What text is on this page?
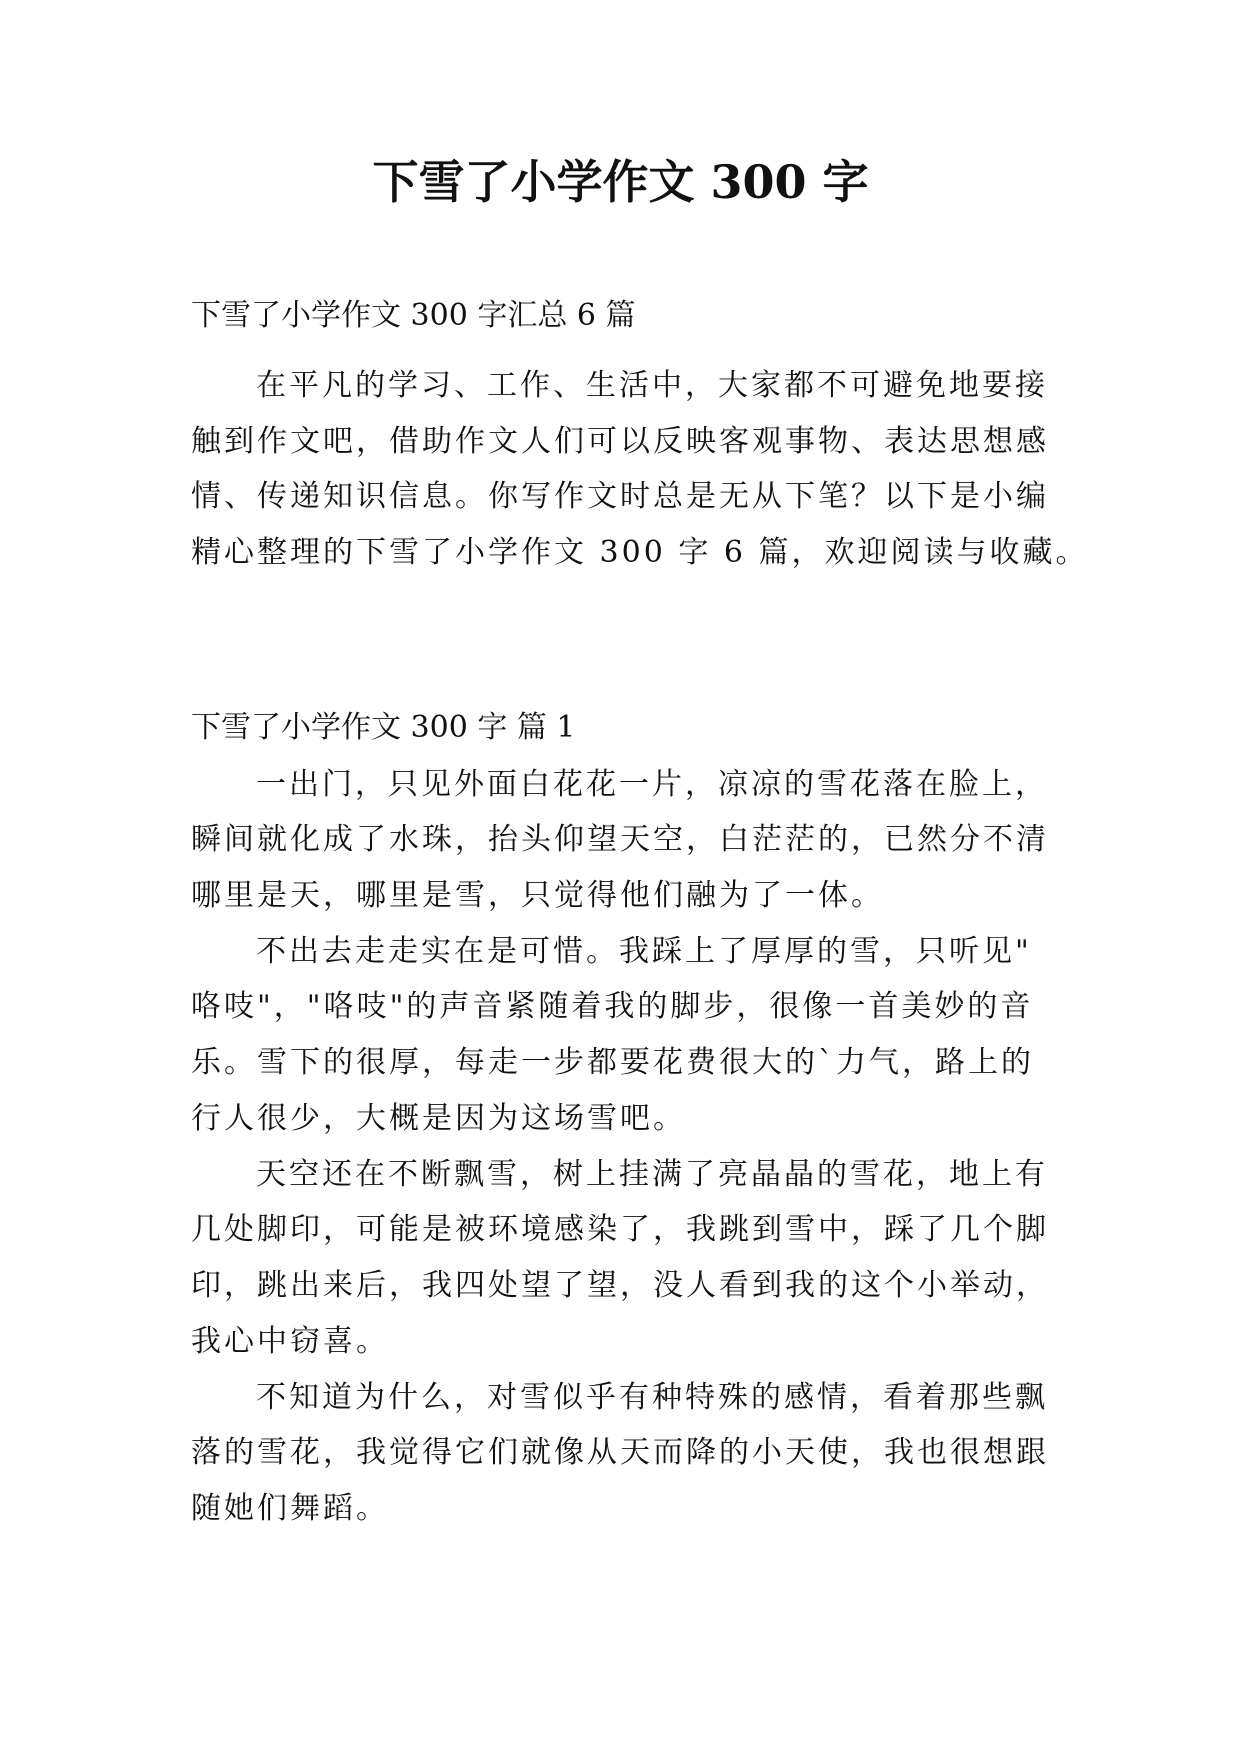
下雪了小学作文 300 字
下雪了小学作文 300 字汇总 6 篇
在平凡的学习、工作、生活中，大家都不可避免地要接
触到作文吧，借助作文人们可以反映客观事物、表达思想感
情、传递知识信息。你写作文时总是无从下笔？以下是小编
精心整理的下雪了小学作文 300 字 6 篇，欢迎阅读与收藏。
下雪了小学作文 300 字 篇 1
一出门，只见外面白花花一片，凉凉的雪花落在脸上，
瞬间就化成了水珠，抬头仰望天空，白茫茫的，已然分不清
哪里是天，哪里是雪，只觉得他们融为了一体。
不出去走走实在是可惜。我踩上了厚厚的雪，只听见"
咯吱"，"咯吱"的声音紧随着我的脚步，很像一首美妙的音
乐。雪下的很厚，每走一步都要花费很大的`力气，路上的
行人很少，大概是因为这场雪吧。
天空还在不断飘雪，树上挂满了亮晶晶的雪花，地上有
几处脚印，可能是被环境感染了，我跳到雪中，踩了几个脚
印，跳出来后，我四处望了望，没人看到我的这个小举动，
我心中窃喜。
不知道为什么，对雪似乎有种特殊的感情，看着那些飘
落的雪花，我觉得它们就像从天而降的小天使，我也很想跟
随她们舞蹈。
